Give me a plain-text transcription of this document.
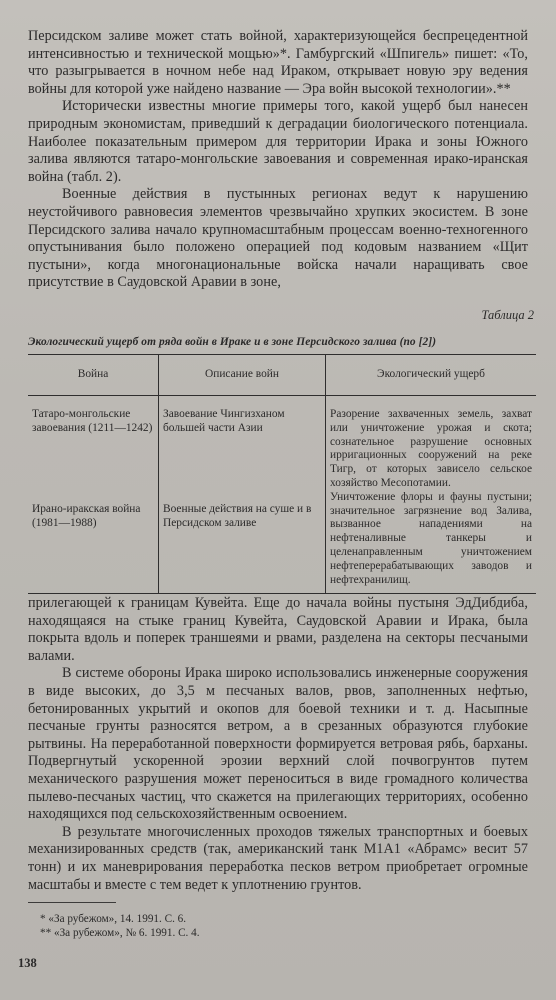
Персидском заливе может стать войной, характеризующейся беспрецедентной интенсивностью и технической мощью»*. Гамбургский «Шпигель» пишет: «То, что разыгрывается в ночном небе над Ираком, открывает новую эру ведения войны для которой уже найдено название — Эра войн высокой технологии».**

Исторически известны многие примеры того, какой ущерб был нанесен природным экономистам, приведший к деградации биологического потенциала. Наиболее показательным примером для территории Ирака и зоны Южного залива являются татаро-монгольские завоевания и современная ирако-иранская война (табл. 2).

Военные действия в пустынных регионах ведут к нарушению неустойчивого равновесия элементов чрезвычайно хрупких экосистем. В зоне Персидского залива начало крупномасштабным процессам военно-техногенного опустынивания было положено операцией под кодовым названием «Щит пустыни», когда многонациональные войска начали наращивать свое присутствие в Саудовской Аравии в зоне,

Таблица 2
Экологический ущерб от ряда войн в Ираке и в зоне Персидского залива (по [2])
Война	Описание войн	Экологический ущерб
Татаро-монгольские завоевания (1211—1242)	Завоевание Чингизханом большей части Азии	Разорение захваченных земель, захват или уничтожение урожая и скота; сознательное разрушение основных ирригационных сооружений на реке Тигр, от которых зависело сельское хозяйство Месопотамии.
Ирано-иракская война (1981—1988)	Военные действия на суше и в Персидском заливе	Уничтожение флоры и фауны пустыни; значительное загрязнение вод Залива, вызванное нападениями на нефтеналивные танкеры и целенаправленным уничтожением нефтеперерабатывающих заводов и нефтехранилищ.

прилегающей к границам Кувейта. Еще до начала войны пустыня ЭдДибдиба, находящаяся на стыке границ Кувейта, Саудовской Аравии и Ирака, была покрыта вдоль и поперек траншеями и рвами, разделена на секторы песчаными валами.

В системе обороны Ирака широко использовались инженерные сооружения в виде высоких, до 3,5 м песчаных валов, рвов, заполненных нефтью, бетонированных укрытий и окопов для боевой техники и т. д. Насыпные песчаные грунты разносятся ветром, а в срезанных образуются глубокие рытвины. На переработанной поверхности формируется ветровая рябь, барханы. Подвергнутый ускоренной эрозии верхний слой почвогрунтов путем механического разрушения может переноситься в виде громадного количества пылево-песчаных частиц, что скажется на прилегающих территориях, особенно находящихся под сельскохозяйственным освоением.

В результате многочисленных проходов тяжелых транспортных и боевых механизированных средств (так, американский танк М1А1 «Абрамс» весит 57 тонн) и их маневрирования переработка песков ветром приобретает огромные масштабы и вместе с тем ведет к уплотнению грунтов.

* «За рубежом», 14. 1991. С. 6.
** «За рубежом», № 6. 1991. С. 4.
138
